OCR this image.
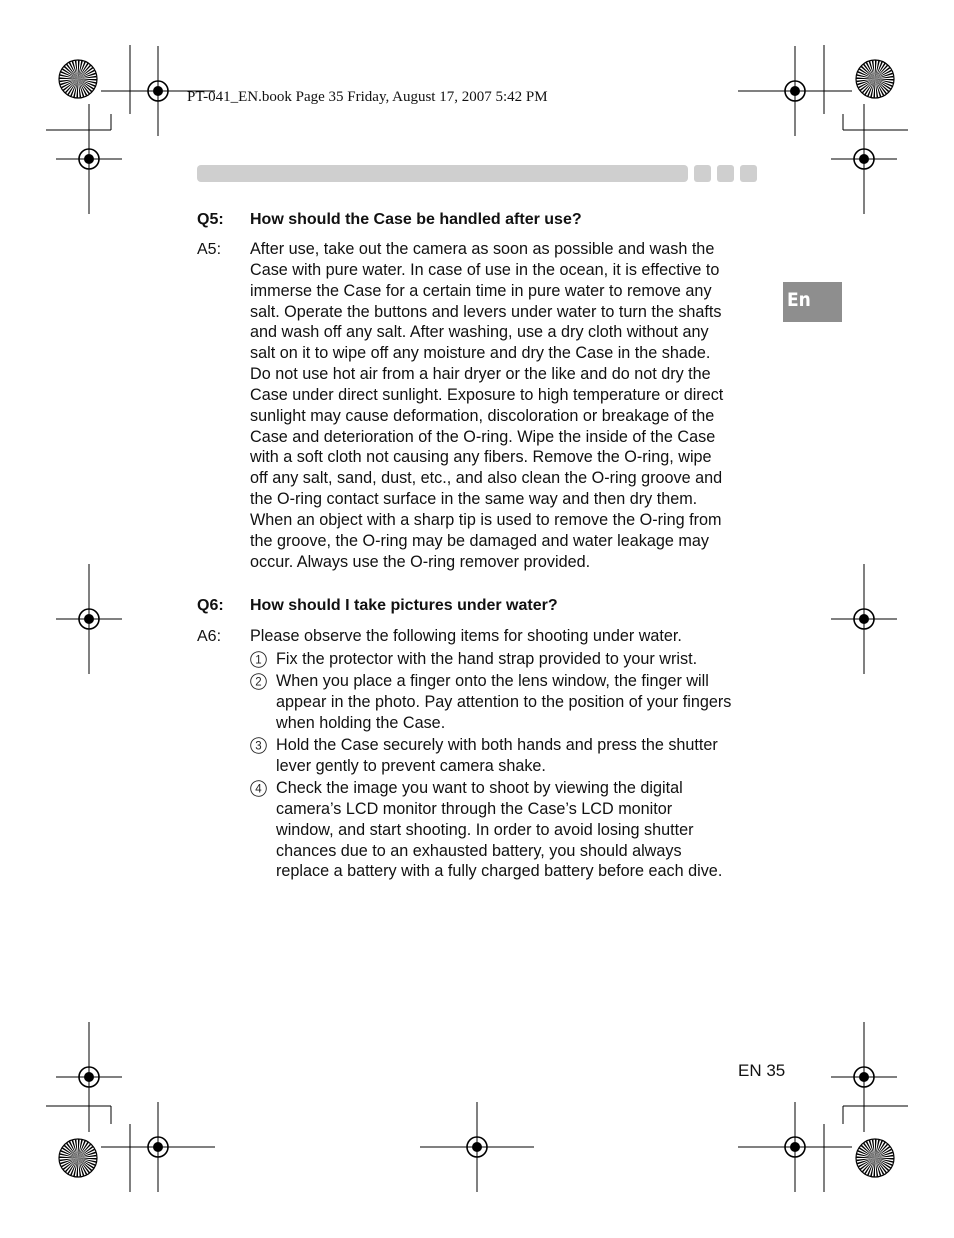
PT-041_EN.book Page 35 Friday, August 17, 2007 5:42 PM
En
Q5: How should the Case be handled after use?
A5: After use, take out the camera as soon as possible and wash the
Case with pure water. In case of use in the ocean, it is effective to
immerse the Case for a certain time in pure water to remove any
salt. Operate the buttons and levers under water to turn the shafts
and wash off any salt. After washing, use a dry cloth without any
salt on it to wipe off any moisture and dry the Case in the shade.
Do not use hot air from a hair dryer or the like and do not dry the
Case under direct sunlight. Exposure to high temperature or direct
sunlight may cause deformation, discoloration or breakage of the
Case and deterioration of the O-ring. Wipe the inside of the Case
with a soft cloth not causing any fibers. Remove the O-ring, wipe
off any salt, sand, dust, etc., and also clean the O-ring groove and
the O-ring contact surface in the same way and then dry them.
When an object with a sharp tip is used to remove the O-ring from
the groove, the O-ring may be damaged and water leakage may
occur. Always use the O-ring remover provided.
Q6: How should I take pictures under water?
A6: Please observe the following items for shooting under water.
1 Fix the protector with the hand strap provided to your wrist.
2 When you place a finger onto the lens window, the finger will
appear in the photo. Pay attention to the position of your fingers
when holding the Case.
3 Hold the Case securely with both hands and press the shutter
lever gently to prevent camera shake.
4 Check the image you want to shoot by viewing the digital
camera’s LCD monitor through the Case’s LCD monitor
window, and start shooting. In order to avoid losing shutter
chances due to an exhausted battery, you should always
replace a battery with a fully charged battery before each dive.
EN 35
